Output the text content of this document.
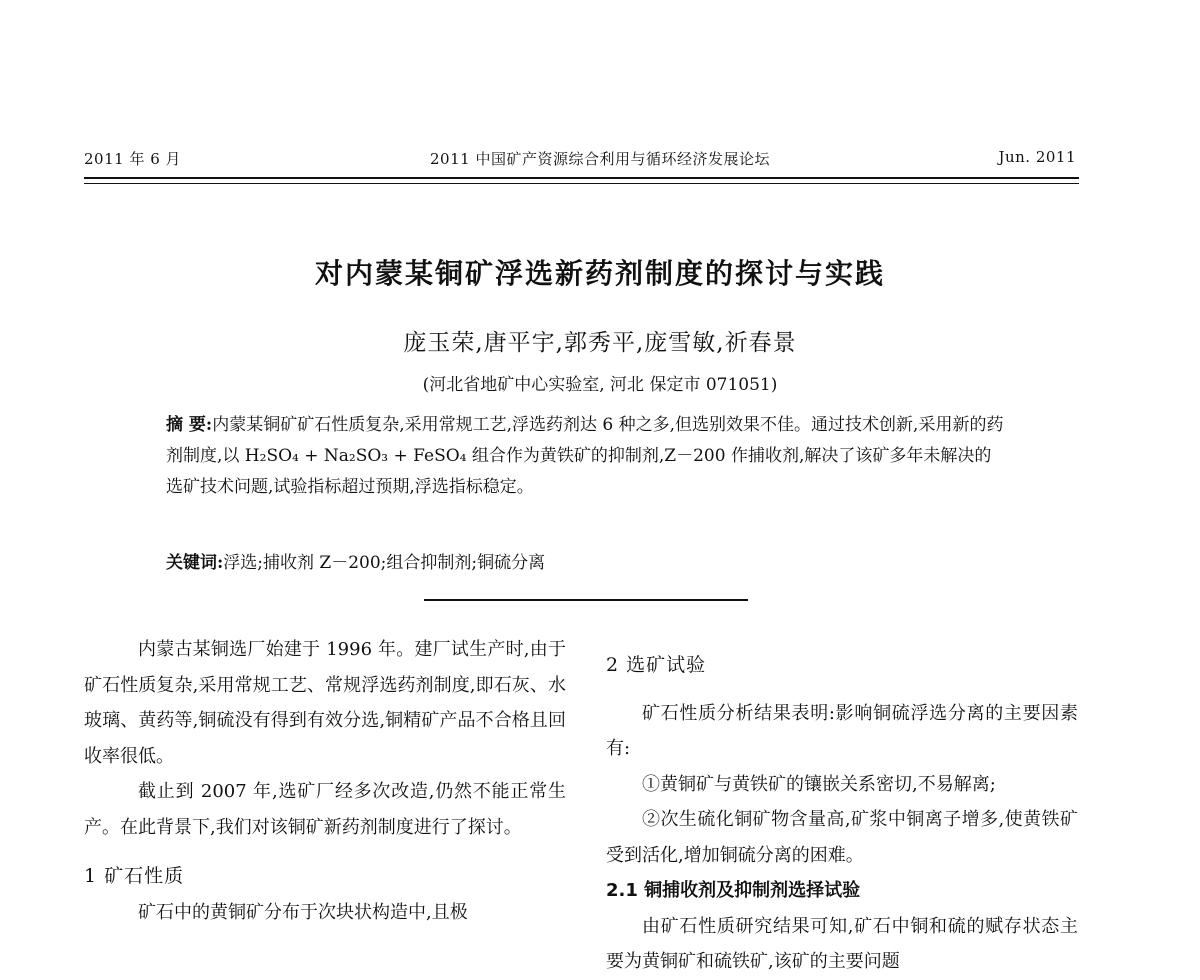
2011 年 6 月	2011 中国矿产资源综合利用与循环经济发展论坛	Jun. 2011
对内蒙某铜矿浮选新药剂制度的探讨与实践
庞玉荣,唐平宇,郭秀平,庞雪敏,祈春景
(河北省地矿中心实验室, 河北 保定市 071051)

摘 要:内蒙某铜矿矿石性质复杂,采用常规工艺,浮选药剂达 6 种之多,但选别效果不佳。通过技术创新,采用新的药剂制度,以 H₂SO₄ + Na₂SO₃ + FeSO₄ 组合作为黄铁矿的抑制剂,Z－200 作捕收剂,解决了该矿多年未解决的选矿技术问题,试验指标超过预期,浮选指标稳定。

关键词:浮选;捕收剂 Z－200;组合抑制剂;铜硫分离

内蒙古某铜选厂始建于 1996 年。建厂试生产时,由于矿石性质复杂,采用常规工艺、常规浮选药剂制度,即石灰、水玻璃、黄药等,铜硫没有得到有效分选,铜精矿产品不合格且回收率很低。

截止到 2007 年,选矿厂经多次改造,仍然不能正常生产。在此背景下,我们对该铜矿新药剂制度进行了探讨。

1 矿石性质

矿石中的黄铜矿分布于次块状构造中,且极

2 选矿试验

矿石性质分析结果表明:影响铜硫浮选分离的主要因素有:

①黄铜矿与黄铁矿的镶嵌关系密切,不易解离;

②次生硫化铜矿物含量高,矿浆中铜离子增多,使黄铁矿受到活化,增加铜硫分离的困难。

2.1 铜捕收剂及抑制剂选择试验

由矿石性质研究结果可知,矿石中铜和硫的赋存状态主要为黄铜矿和硫铁矿,该矿的主要问题
